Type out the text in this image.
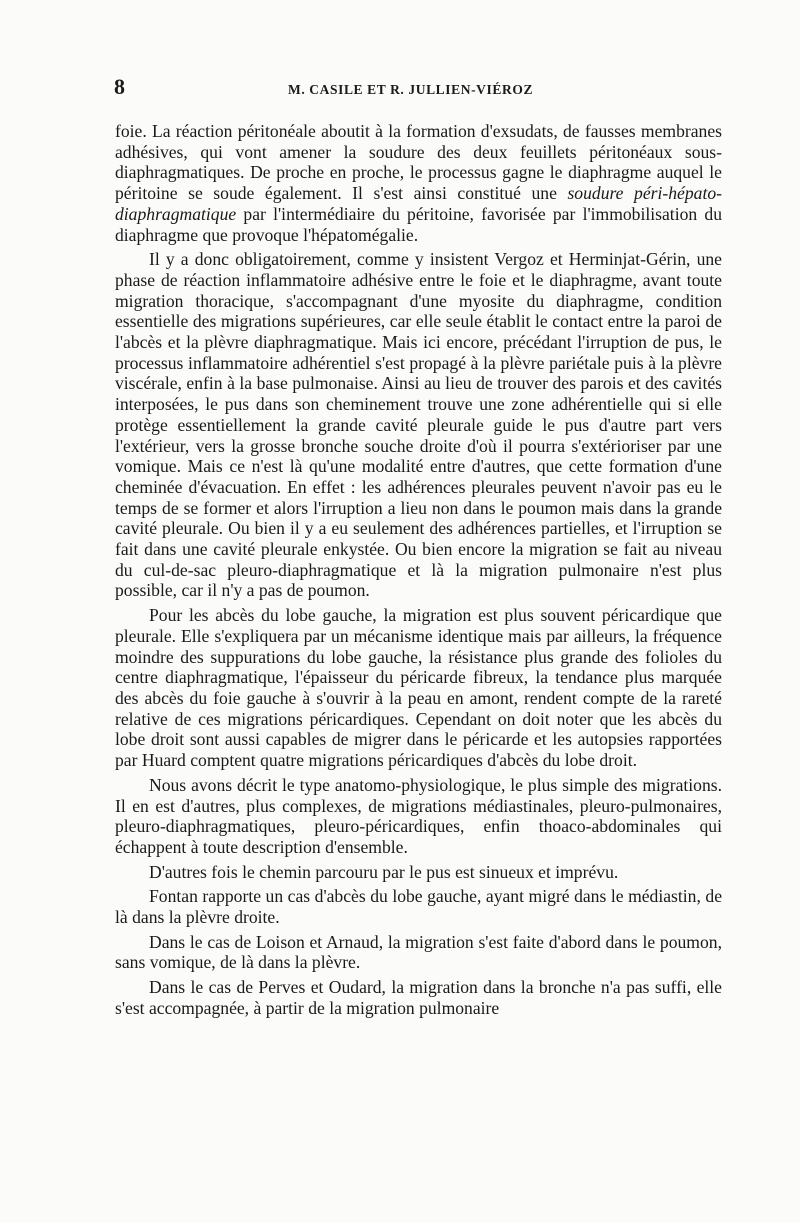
8	M. CASILE ET R. JULLIEN-VIÉROZ

foie. La réaction péritonéale aboutit à la formation d'exsudats, de fausses membranes adhésives, qui vont amener la soudure des deux feuillets péritonéaux sous-diaphragmatiques. De proche en proche, le processus gagne le diaphragme auquel le péritoine se soude également. Il s'est ainsi constitué une soudure péri-hépato-diaphragmatique par l'intermédiaire du péritoine, favorisée par l'immobilisation du diaphragme que provoque l'hépatomégalie.

Il y a donc obligatoirement, comme y insistent Vergoz et Herminjat-Gérin, une phase de réaction inflammatoire adhésive entre le foie et le diaphragme, avant toute migration thoracique, s'accompagnant d'une myosite du diaphragme, condition essentielle des migrations supérieures, car elle seule établit le contact entre la paroi de l'abcès et la plèvre diaphragmatique. Mais ici encore, précédant l'irruption de pus, le processus inflammatoire adhérentiel s'est propagé à la plèvre pariétale puis à la plèvre viscérale, enfin à la base pulmonaise. Ainsi au lieu de trouver des parois et des cavités interposées, le pus dans son cheminement trouve une zone adhérentielle qui si elle protège essentiellement la grande cavité pleurale guide le pus d'autre part vers l'extérieur, vers la grosse bronche souche droite d'où il pourra s'extérioriser par une vomique. Mais ce n'est là qu'une modalité entre d'autres, que cette formation d'une cheminée d'évacuation. En effet : les adhérences pleurales peuvent n'avoir pas eu le temps de se former et alors l'irruption a lieu non dans le poumon mais dans la grande cavité pleurale. Ou bien il y a eu seulement des adhérences partielles, et l'irruption se fait dans une cavité pleurale enkystée. Ou bien encore la migration se fait au niveau du cul-de-sac pleuro-diaphragmatique et là la migration pulmonaire n'est plus possible, car il n'y a pas de poumon.

Pour les abcès du lobe gauche, la migration est plus souvent péricardique que pleurale. Elle s'expliquera par un mécanisme identique mais par ailleurs, la fréquence moindre des suppurations du lobe gauche, la résistance plus grande des folioles du centre diaphragmatique, l'épaisseur du péricarde fibreux, la tendance plus marquée des abcès du foie gauche à s'ouvrir à la peau en amont, rendent compte de la rareté relative de ces migrations péricardiques. Cependant on doit noter que les abcès du lobe droit sont aussi capables de migrer dans le péricarde et les autopsies rapportées par Huard comptent quatre migrations péricardiques d'abcès du lobe droit.

Nous avons décrit le type anatomo-physiologique, le plus simple des migrations. Il en est d'autres, plus complexes, de migrations médiastinales, pleuro-pulmonaires, pleuro-diaphragmatiques, pleuro-péricardiques, enfin thoaco-abdominales qui échappent à toute description d'ensemble.

D'autres fois le chemin parcouru par le pus est sinueux et imprévu.

Fontan rapporte un cas d'abcès du lobe gauche, ayant migré dans le médiastin, de là dans la plèvre droite.

Dans le cas de Loison et Arnaud, la migration s'est faite d'abord dans le poumon, sans vomique, de là dans la plèvre.

Dans le cas de Perves et Oudard, la migration dans la bronche n'a pas suffi, elle s'est accompagnée, à partir de la migration pulmonaire
